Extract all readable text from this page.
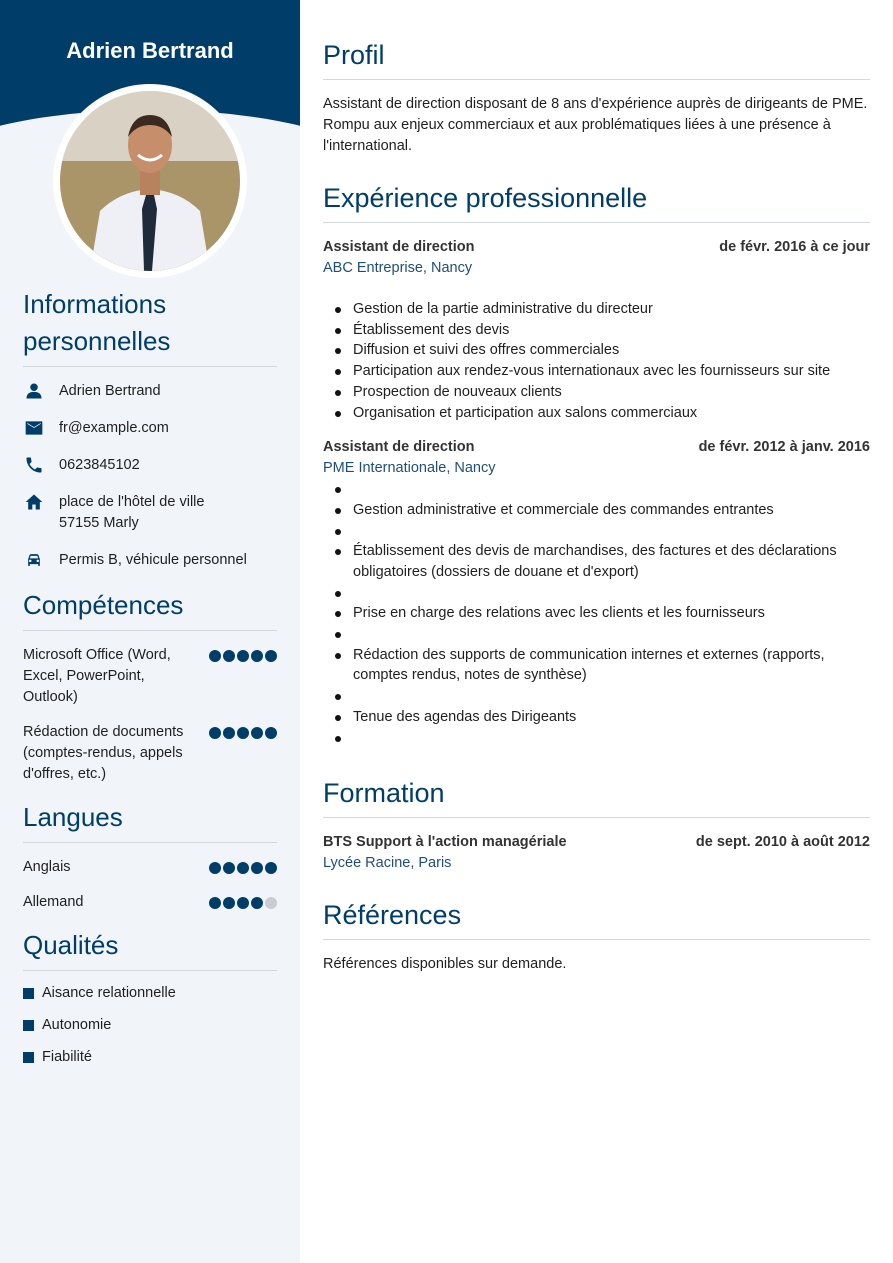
Adrien Bertrand
Informations personnelles
Adrien Bertrand
fr@example.com
0623845102
place de l'hôtel de ville
57155 Marly
Permis B, véhicule personnel
Compétences
Microsoft Office (Word, Excel, PowerPoint, Outlook)
Rédaction de documents (comptes-rendus, appels d'offres, etc.)
Langues
Anglais
Allemand
Qualités
Aisance relationnelle
Autonomie
Fiabilité
Profil

Assistant de direction disposant de 8 ans d'expérience auprès de dirigeants de PME. Rompu aux enjeux commerciaux et aux problématiques liées à une présence à l'international.

Expérience professionnelle
Assistant de direction	de févr. 2016 à ce jour
ABC Entreprise, Nancy
Gestion de la partie administrative du directeur
Établissement des devis
Diffusion et suivi des offres commerciales
Participation aux rendez-vous internationaux avec les fournisseurs sur site
Prospection de nouveaux clients
Organisation et participation aux salons commerciaux
Assistant de direction	de févr. 2012 à janv. 2016
PME Internationale, Nancy
Gestion administrative et commerciale des commandes entrantes
Établissement des devis de marchandises, des factures et des déclarations obligatoires (dossiers de douane et d'export)
Prise en charge des relations avec les clients et les fournisseurs
Rédaction des supports de communication internes et externes (rapports, comptes rendus, notes de synthèse)
Tenue des agendas des Dirigeants
Formation
BTS Support à l'action managériale	de sept. 2010 à août 2012
Lycée Racine, Paris
Références

Références disponibles sur demande.
